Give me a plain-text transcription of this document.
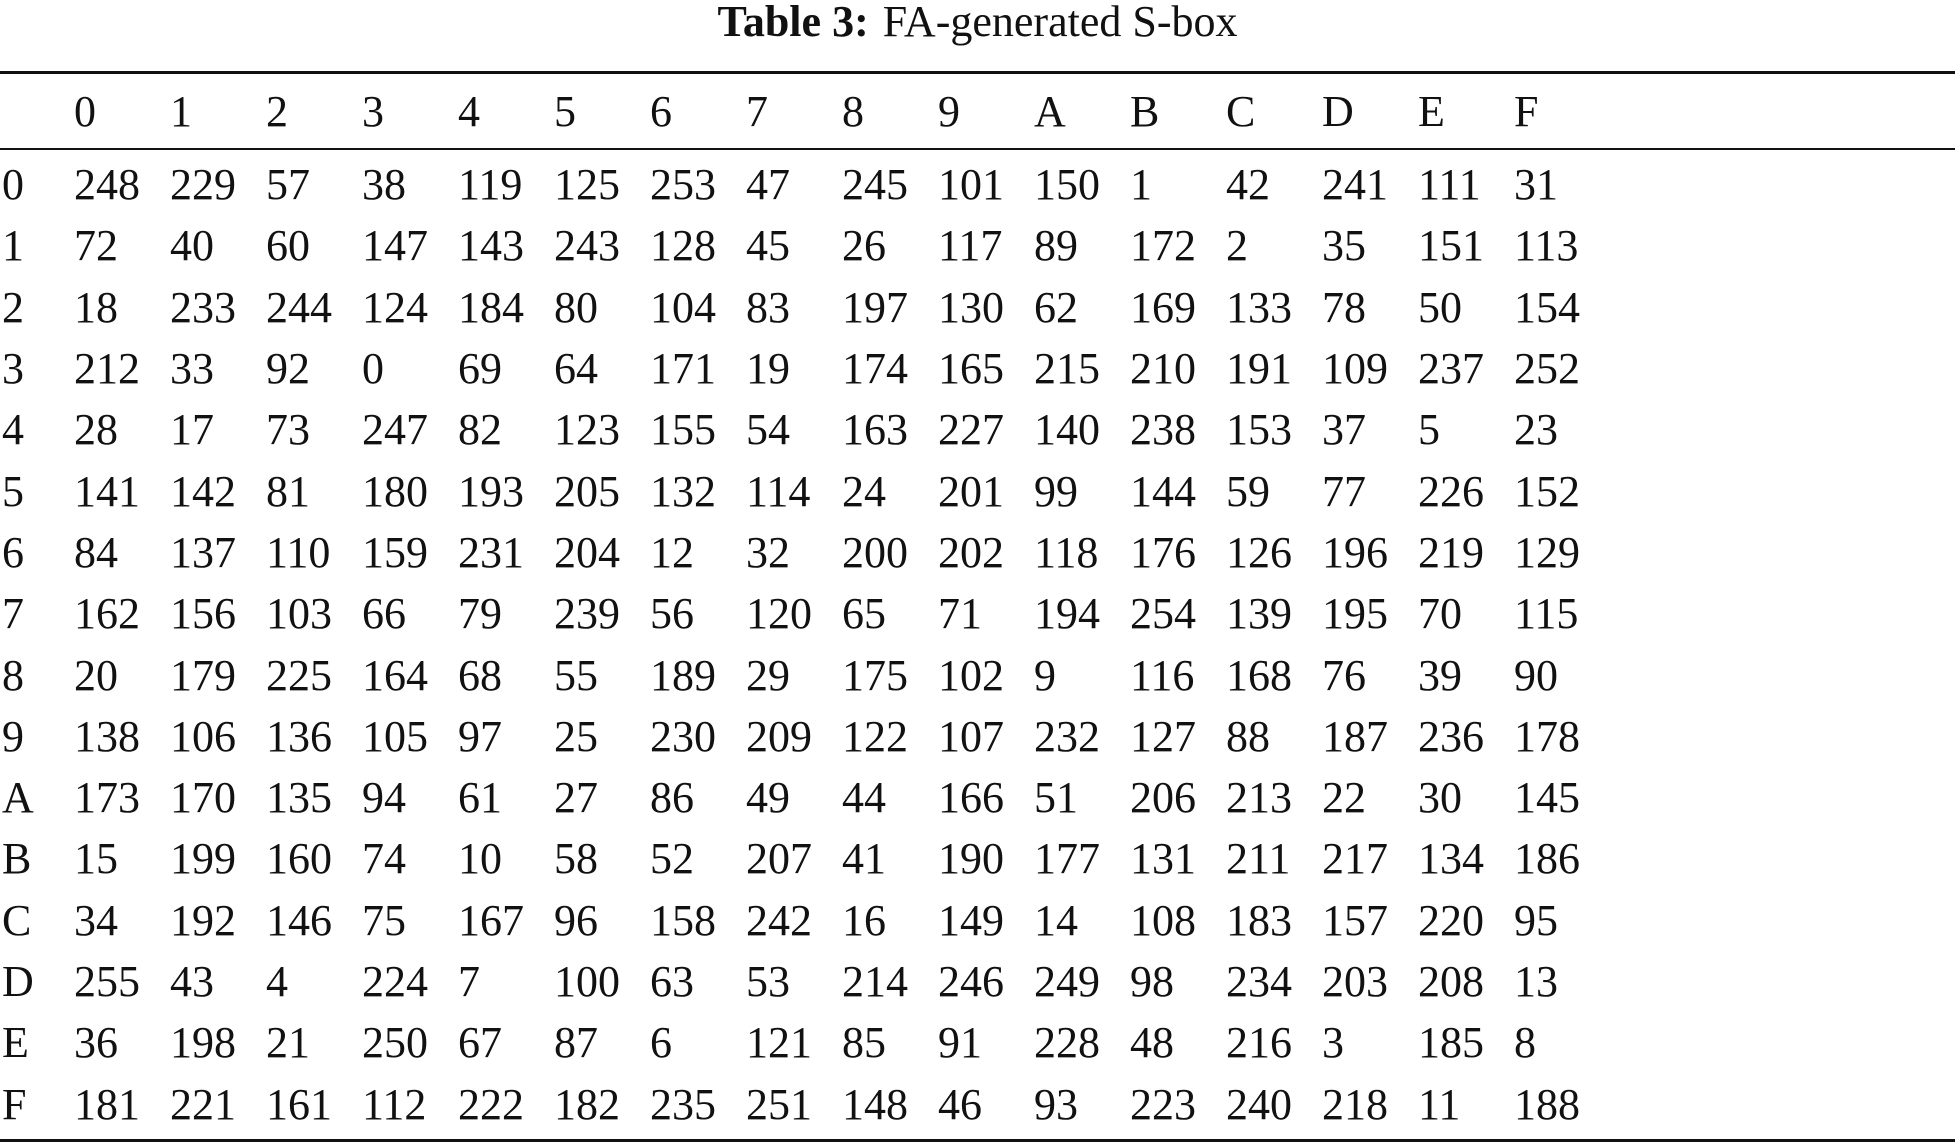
Table 3: FA-generated S-box
	0	1	2	3	4	5	6	7	8	9	A	B	C	D	E	F
0	248	229	57	38	119	125	253	47	245	101	150	1	42	241	111	31
1	72	40	60	147	143	243	128	45	26	117	89	172	2	35	151	113
2	18	233	244	124	184	80	104	83	197	130	62	169	133	78	50	154
3	212	33	92	0	69	64	171	19	174	165	215	210	191	109	237	252
4	28	17	73	247	82	123	155	54	163	227	140	238	153	37	5	23
5	141	142	81	180	193	205	132	114	24	201	99	144	59	77	226	152
6	84	137	110	159	231	204	12	32	200	202	118	176	126	196	219	129
7	162	156	103	66	79	239	56	120	65	71	194	254	139	195	70	115
8	20	179	225	164	68	55	189	29	175	102	9	116	168	76	39	90
9	138	106	136	105	97	25	230	209	122	107	232	127	88	187	236	178
A	173	170	135	94	61	27	86	49	44	166	51	206	213	22	30	145
B	15	199	160	74	10	58	52	207	41	190	177	131	211	217	134	186
C	34	192	146	75	167	96	158	242	16	149	14	108	183	157	220	95
D	255	43	4	224	7	100	63	53	214	246	249	98	234	203	208	13
E	36	198	21	250	67	87	6	121	85	91	228	48	216	3	185	8
F	181	221	161	112	222	182	235	251	148	46	93	223	240	218	11	188
